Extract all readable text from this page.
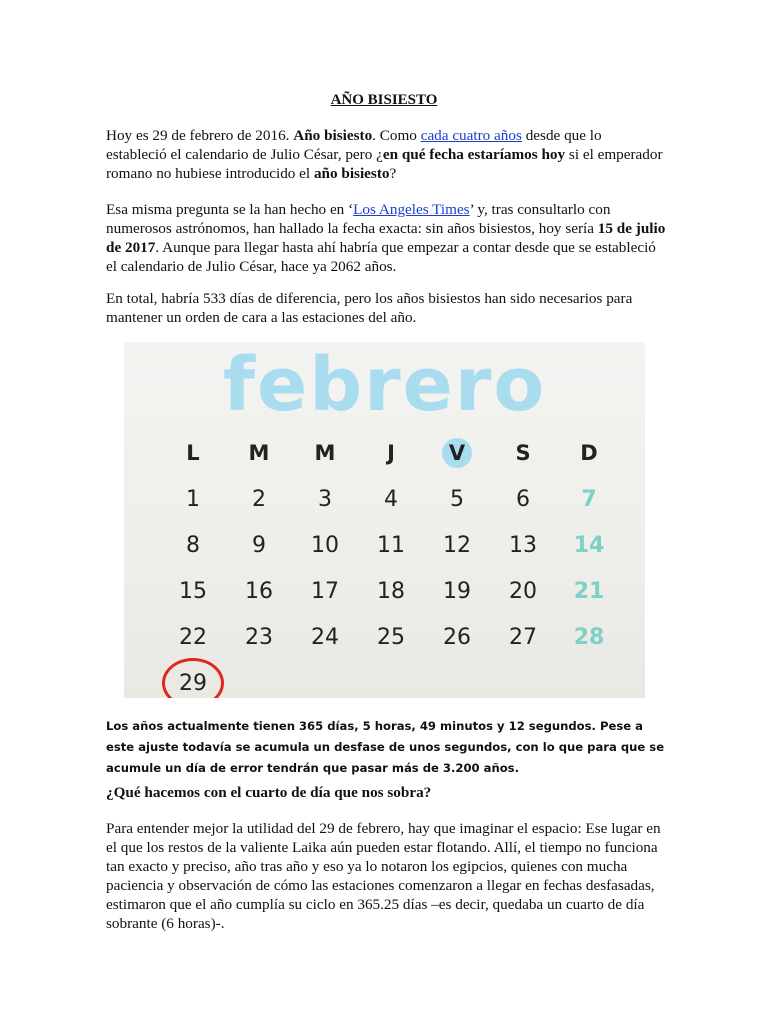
AÑO BISIESTO
Hoy es 29 de febrero de 2016. Año bisiesto. Como cada cuatro años desde que lo estableció el calendario de Julio César, pero ¿en qué fecha estaríamos hoy si el emperador romano no hubiese introducido el año bisiesto?
Esa misma pregunta se la han hecho en ‘Los Angeles Times’ y, tras consultarlo con numerosos astrónomos, han hallado la fecha exacta: sin años bisiestos, hoy sería 15 de julio de 2017. Aunque para llegar hasta ahí habría que empezar a contar desde que se estableció el calendario de Julio César, hace ya 2062 años.
En total, habría 533 días de diferencia, pero los años bisiestos han sido necesarios para mantener un orden de cara a las estaciones del año.
febrero
L M M J	V S D
1 2 3 4 5 6 7
8 9 10 11 12 13 14
15 16 17 18 19 20 21
22 23 24 25 26 27 28
29
Los años actualmente tienen 365 días, 5 horas, 49 minutos y 12 segundos. Pese a este ajuste todavía se acumula un desfase de unos segundos, con lo que para que se acumule un día de error tendrán que pasar más de 3.200 años.
¿Qué hacemos con el cuarto de día que nos sobra?
Para entender mejor la utilidad del 29 de febrero, hay que imaginar el espacio: Ese lugar en el que los restos de la valiente Laika aún pueden estar flotando. Allí, el tiempo no funciona tan exacto y preciso, año tras año y eso ya lo notaron los egipcios, quienes con mucha paciencia y observación de cómo las estaciones comenzaron a llegar en fechas desfasadas, estimaron que el año cumplía su ciclo en 365.25 días –es decir, quedaba un cuarto de día sobrante (6 horas)-.
